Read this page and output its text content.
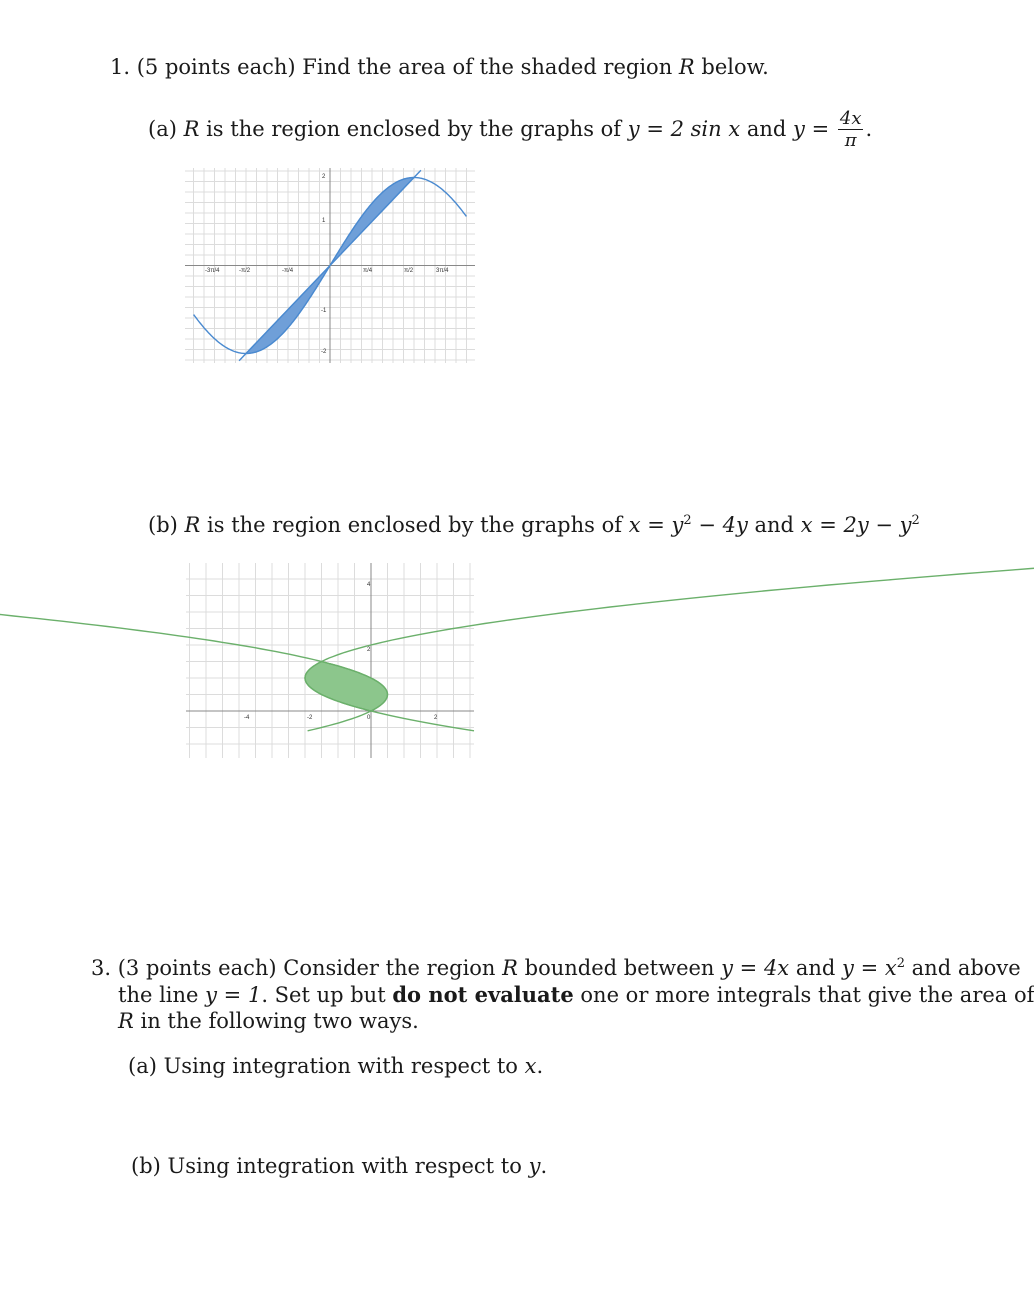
1. (5 points each) Find the area of the shaded region R below.
(a) R is the region enclosed by the graphs of y = 2 sin x and $y = \frac{4x}{\pi}$ .
-3π/4	-π/2	-π/4	π/4	π/2	3π/4
2
1
-1
-2
(b) R is the region enclosed by the graphs of $x = y^2 - 4y$ and $x = 2y - y^2$
-4	-2	0	2
4
2
3. (3 points each) Consider the region R bounded between y = 4x and $y = x^2$ and above
the line y = 1. Set up but do not evaluate one or more integrals that give the area of
R in the following two ways.
(a) Using integration with respect to x.
(b) Using integration with respect to y.
